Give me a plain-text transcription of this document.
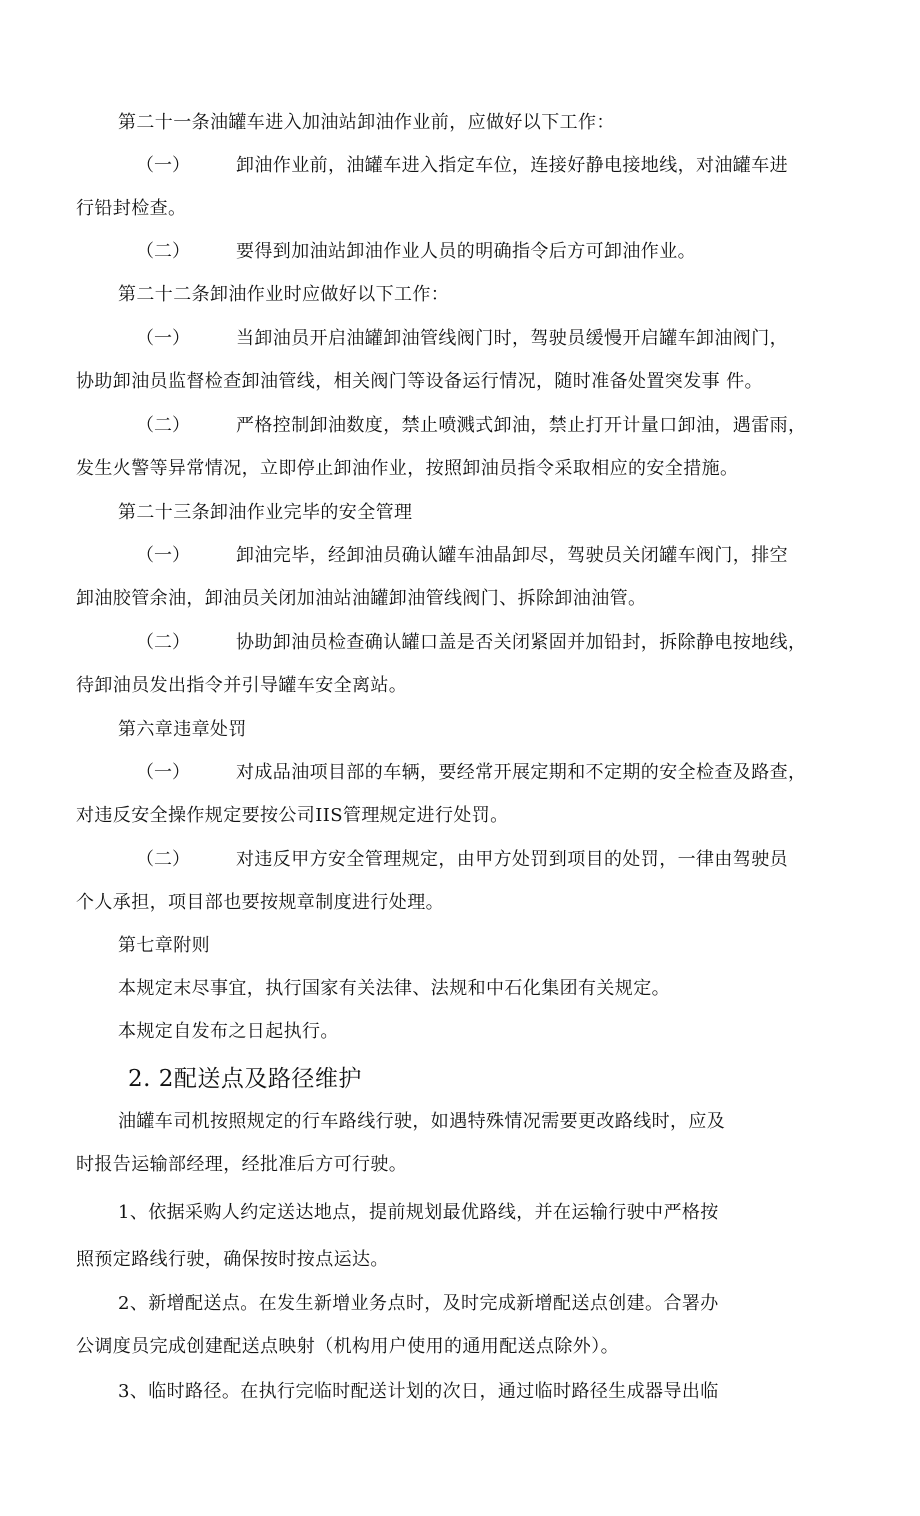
第二十一条油罐车进入加油站卸油作业前，应做好以下工作：
（一）	卸油作业前，油罐车进入指定车位，连接好静电接地线，对油罐车进
行铅封检查。
（二）	要得到加油站卸油作业人员的明确指令后方可卸油作业。
第二十二条卸油作业时应做好以下工作：
（一）	当卸油员开启油罐卸油管线阀门时，驾驶员缓慢开启罐车卸油阀门，
协助卸油员监督检查卸油管线，相关阀门等设备运行情况，随时准备处置突发事 件。
（二）	严格控制卸油数度，禁止喷溅式卸油，禁止打开计量口卸油，遇雷雨，
发生火警等异常情况，立即停止卸油作业，按照卸油员指令采取相应的安全措施。
第二十三条卸油作业完毕的安全管理
（一）	卸油完毕，经卸油员确认罐车油晶卸尽，驾驶员关闭罐车阀门，排空
卸油胶管余油，卸油员关闭加油站油罐卸油管线阀门、拆除卸油油管。
（二）	协助卸油员检查确认罐口盖是否关闭紧固并加铅封，拆除静电按地线，
待卸油员发出指令并引导罐车安全离站。
第六章违章处罚
（一）	对成品油项目部的车辆，要经常开展定期和不定期的安全检查及路查，
对违反安全操作规定要按公司IIS管理规定进行处罚。
（二）	对违反甲方安全管理规定，由甲方处罚到项目的处罚，一律由驾驶员
个人承担，项目部也要按规章制度进行处理。
第七章附则
本规定末尽事宜，执行国家有关法律、法规和中石化集团有关规定。
本规定自发布之日起执行。
2. 2配送点及路径维护
油罐车司机按照规定的行车路线行驶，如遇特殊情况需要更改路线时，应及
时报告运输部经理，经批准后方可行驶。
1、依据采购人约定送达地点，提前规划最优路线，并在运输行驶中严格按
照预定路线行驶，确保按时按点运达。
2、新增配送点。在发生新增业务点时，及时完成新增配送点创建。合署办
公调度员完成创建配送点映射（机构用户使用的通用配送点除外）。
3、临时路径。在执行完临时配送计划的次日，通过临时路径生成器导出临
